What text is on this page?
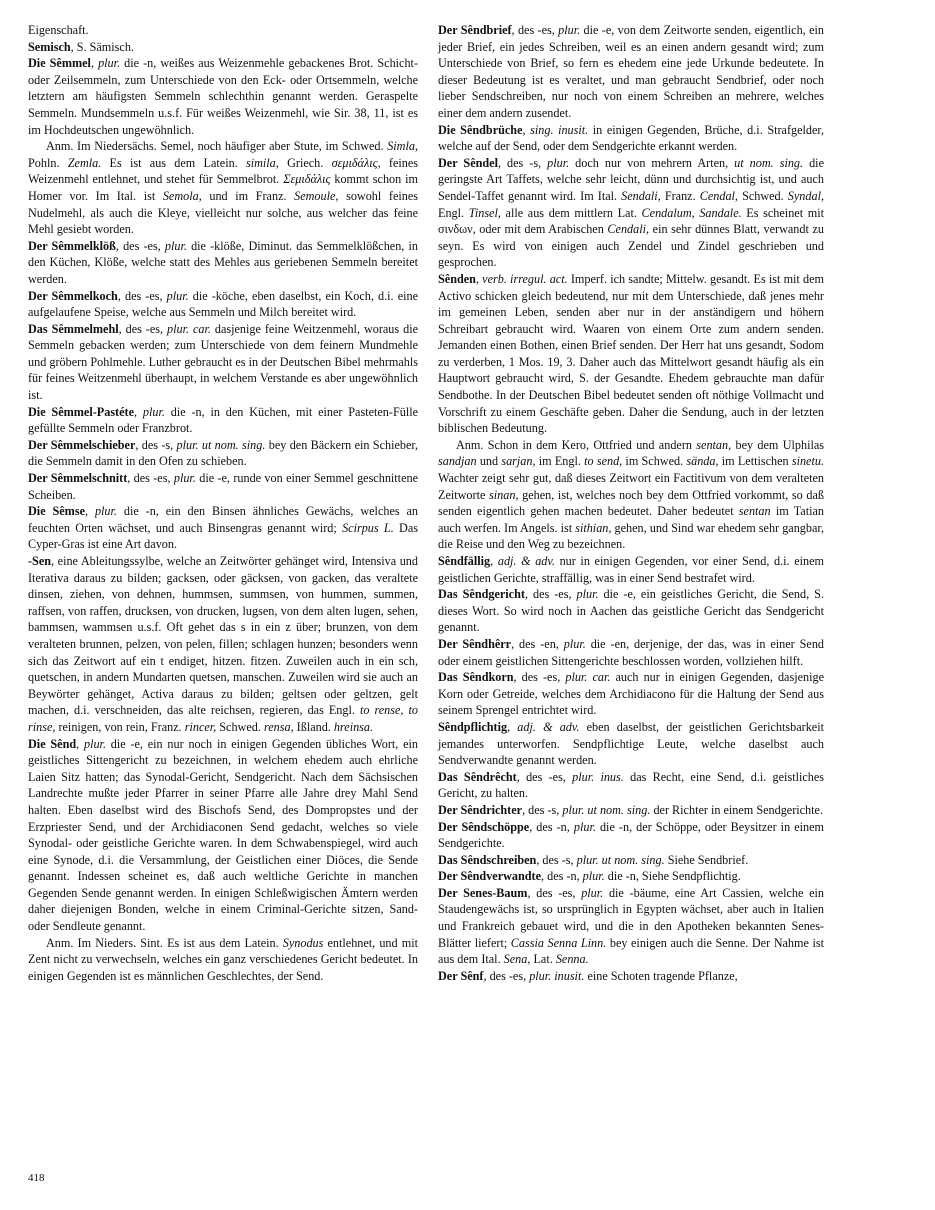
Eigenschaft.

Semisch, S. Sämisch.

Die Sêmmel, plur. die -n, weißes aus Weizenmehle gebackenes Brot. Schicht- oder Zeilsemmeln, zum Unterschiede von den Eck- oder Ortsemmeln, welche letztern am häufigsten Semmeln schlechthin genannt werden. Geraspelte Semmeln. Mundsemmeln u.s.f. Für weißes Weizenmehl, wie Sir. 38, 11, ist es im Hochdeutschen ungewöhnlich.

Anm. Im Niedersächs. Semel, noch häufiger aber Stute, im Schwed. Simla, Pohln. Zemla. Es ist aus dem Latein. simila, Griech. σεμιδάλις, feines Weizenmehl entlehnet, und stehet für Semmelbrot. Σεμιδάλις kommt schon im Homer vor. Im Ital. ist Semola, und im Franz. Semoule, sowohl feines Nudelmehl, als auch die Kleye, vielleicht nur solche, aus welcher das feine Mehl gesiebt worden.

Der Sêmmelklöß, des -es, plur. die -klöße, Diminut. das Semmelklößchen, in den Küchen, Klöße, welche statt des Mehles aus geriebenen Semmeln bereitet werden.

Der Sêmmelkoch, des -es, plur. die -köche, eben daselbst, ein Koch, d.i. eine aufgelaufene Speise, welche aus Semmeln und Milch bereitet wird.

Das Sêmmelmehl, des -es, plur. car. dasjenige feine Weitzenmehl, woraus die Semmeln gebacken werden; zum Unterschiede von dem feinern Mundmehle und gröbern Pohlmehle. Luther gebraucht es in der Deutschen Bibel mehrmahls für feines Weitzenmehl überhaupt, in welchem Verstande es aber ungewöhnlich ist.

Die Sêmmel-Pastéte, plur. die -n, in den Küchen, mit einer Pasteten-Fülle gefüllte Semmeln oder Franzbrot.

Der Sêmmelschieber, des -s, plur. ut nom. sing. bey den Bäckern ein Schieber, die Semmeln damit in den Ofen zu schieben.

Der Sêmmelschnitt, des -es, plur. die -e, runde von einer Semmel geschnittene Scheiben.

Die Sêmse, plur. die -n, ein den Binsen ähnliches Gewächs, welches an feuchten Orten wächset, und auch Binsengras genannt wird; Scirpus L. Das Cyper-Gras ist eine Art davon.

-Sen, eine Ableitungssylbe, welche an Zeitwörter gehänget wird, Intensiva und Iterativa daraus zu bilden; gacksen, oder gäcksen, von gacken, das veraltete dinsen, ziehen, von dehnen, hummsen, summsen, von hummen, summen, raffsen, von raffen, drucksen, von drucken, lugsen, von dem alten lugen, sehen, bammsen, wammsen u.s.f. Oft gehet das s in ein z über; brunzen, von dem veralteten brunnen, pelzen, von pelen, fillen; schlagen hunzen; besonders wenn sich das Zeitwort auf ein t endiget, hitzen. fitzen. Zuweilen auch in ein sch, quetschen, in andern Mundarten quetsen, manschen. Zuweilen wird sie auch an Beywörter gehänget, Activa daraus zu bilden; geltsen oder geltzen, gelt machen, d.i. verschneiden, das alte reichsen, regieren, das Engl. to rense, to rinse, reinigen, von rein, Franz. rincer, Schwed. rensa, Ißland. hreinsa.

Die Sênd, plur. die -e, ein nur noch in einigen Gegenden übliches Wort, ein geistliches Sittengericht zu bezeichnen, in welchem ehedem auch ehrliche Laien Sitz hatten; das Synodal-Gericht, Sendgericht. Nach dem Sächsischen Landrechte mußte jeder Pfarrer in seiner Pfarre alle Jahre drey Mahl Send halten. Eben daselbst wird des Bischofs Send, des Dompropstes und der Erzpriester Send, und der Archidiaconen Send gedacht, welches so viele Synodal- oder geistliche Gerichte waren. In dem Schwabenspiegel, wird auch eine Synode, d.i. die Versammlung, der Geistlichen einer Diöces, die Sende genannt. Indessen scheinet es, daß auch weltliche Gerichte in manchen Gegenden Sende genannt werden. In einigen Schleßwigischen Ämtern werden daher diejenigen Bonden, welche in einem Criminal-Gerichte sitzen, Sand- oder Sendleute genannt.

Anm. Im Nieders. Sint. Es ist aus dem Latein. Synodus entlehnet, und mit Zent nicht zu verwechseln, welches ein ganz verschiedenes Gericht bedeutet. In einigen Gegenden ist es männlichen Geschlechtes, der Send.

Der Sêndbrief, des -es, plur. die -e, von dem Zeitworte senden, eigentlich, ein jeder Brief, ein jedes Schreiben, weil es an einen andern gesandt wird; zum Unterschiede von Brief, so fern es ehedem eine jede Urkunde bedeutete. In dieser Bedeutung ist es veraltet, und man gebraucht Sendbrief, oder noch lieber Sendschreiben, nur noch von einem Schreiben an mehrere, welches einer dem andern zusendet.

Die Sêndbrüche, sing. inusit. in einigen Gegenden, Brüche, d.i. Strafgelder, welche auf der Send, oder dem Sendgerichte erkannt werden.

Der Sêndel, des -s, plur. doch nur von mehrern Arten, ut nom. sing. die geringste Art Taffets, welche sehr leicht, dünn und durchsichtig ist, und auch Sendel-Taffet genannt wird. Im Ital. Sendali, Franz. Cendal, Schwed. Syndal, Engl. Tinsel, alle aus dem mittlern Lat. Cendalum, Sandale. Es scheinet mit σινδων, oder mit dem Arabischen Cendali, ein sehr dünnes Blatt, verwandt zu seyn. Es wird von einigen auch Zendel und Zindel geschrieben und gesprochen.

Sênden, verb. irregul. act. Imperf. ich sandte; Mittelw. gesandt. Es ist mit dem Activo schicken gleich bedeutend, nur mit dem Unterschiede, daß jenes mehr im gemeinen Leben, senden aber nur in der anständigern und höhern Schreibart gebraucht wird. Waaren von einem Orte zum andern senden. Jemanden einen Bothen, einen Brief senden. Der Herr hat uns gesandt, Sodom zu verderben, 1 Mos. 19, 3. Daher auch das Mittelwort gesandt häufig als ein Hauptwort gebraucht wird, S. der Gesandte. Ehedem gebrauchte man dafür Sendbothe. In der Deutschen Bibel bedeutet senden oft nöthige Vollmacht und Vorschrift zu einem Geschäfte geben. Daher die Sendung, auch in der letzten biblischen Bedeutung.

Anm. Schon in dem Kero, Ottfried und andern sentan, bey dem Ulphilas sandjan und sarjan, im Engl. to send, im Schwed. sända, im Lettischen sinetu. Wachter zeigt sehr gut, daß dieses Zeitwort ein Factitivum von dem veralteten Zeitworte sinan, gehen, ist, welches noch bey dem Ottfried vorkommt, so daß senden eigentlich gehen machen bedeutet. Daher bedeutet sentan im Tatian auch werfen. Im Angels. ist sithian, gehen, und Sind war ehedem sehr gangbar, die Reise und den Weg zu bezeichnen.

Sêndfällig, adj. & adv. nur in einigen Gegenden, vor einer Send, d.i. einem geistlichen Gerichte, straffällig, was in einer Send bestrafet wird.

Das Sêndgericht, des -es, plur. die -e, ein geistliches Gericht, die Send, S. dieses Wort. So wird noch in Aachen das geistliche Gericht das Sendgericht genannt.

Der Sêndhêrr, des -en, plur. die -en, derjenige, der das, was in einer Send oder einem geistlichen Sittengerichte beschlossen worden, vollziehen hilft.

Das Sêndkorn, des -es, plur. car. auch nur in einigen Gegenden, dasjenige Korn oder Getreide, welches dem Archidiacono für die Haltung der Send aus seinem Sprengel entrichtet wird.

Sêndpflichtig, adj. & adv. eben daselbst, der geistlichen Gerichtsbarkeit jemandes unterworfen. Sendpflichtige Leute, welche daselbst auch Sendverwandte genannt werden.

Das Sêndrêcht, des -es, plur. inus. das Recht, eine Send, d.i. geistliches Gericht, zu halten.

Der Sêndrichter, des -s, plur. ut nom. sing. der Richter in einem Sendgerichte.

Der Sêndschöppe, des -n, plur. die -n, der Schöppe, oder Beysitzer in einem Sendgerichte.

Das Sêndschreiben, des -s, plur. ut nom. sing. Siehe Sendbrief.

Der Sêndverwandte, des -n, plur. die -n, Siehe Sendpflichtig.

Der Senes-Baum, des -es, plur. die -bäume, eine Art Cassien, welche ein Staudengewächs ist, so ursprünglich in Egypten wächset, aber auch in Italien und Frankreich gebauet wird, und die in den Apotheken bekannten Senes-Blätter liefert; Cassia Senna Linn. bey einigen auch die Senne. Der Nahme ist aus dem Ital. Sena, Lat. Senna.

Der Sênf, des -es, plur. inusit. eine Schoten tragende Pflanze,

418
